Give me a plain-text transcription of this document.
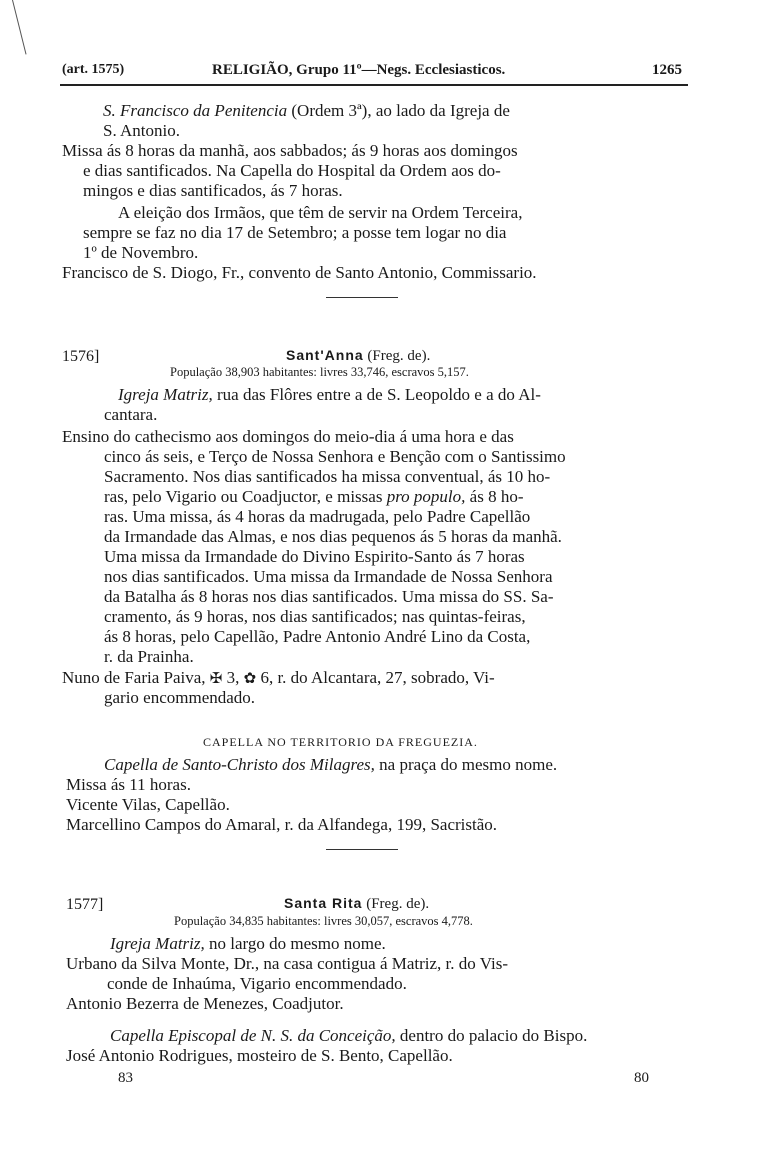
(art. 1575)	RELIGIÃO, Grupo 11º—Negs. Ecclesiasticos.	1265
S. Francisco da Penitencia (Ordem 3ª), ao lado da Igreja de
S. Antonio.
Missa ás 8 horas da manhã, aos sabbados; ás 9 horas aos domingos
e dias santificados. Na Capella do Hospital da Ordem aos do-
mingos e dias santificados, ás 7 horas.
A eleição dos Irmãos, que têm de servir na Ordem Terceira,
sempre se faz no dia 17 de Setembro; a posse tem logar no dia
1º de Novembro.
Francisco de S. Diogo, Fr., convento de Santo Antonio, Commissario.
1576]	Sant'Anna (Freg. de).
População 38,903 habitantes: livres 33,746, escravos 5,157.
Igreja Matriz, rua das Flôres entre a de S. Leopoldo e a do Al-
cantara.
Ensino do cathecismo aos domingos do meio-dia á uma hora e das
cinco ás seis, e Terço de Nossa Senhora e Benção com o Santissimo
Sacramento. Nos dias santificados ha missa conventual, ás 10 ho-
ras, pelo Vigario ou Coadjuctor, e missas pro populo, ás 8 ho-
ras. Uma missa, ás 4 horas da madrugada, pelo Padre Capellão
da Irmandade das Almas, e nos dias pequenos ás 5 horas da manhã.
Uma missa da Irmandade do Divino Espirito-Santo ás 7 horas
nos dias santificados. Uma missa da Irmandade de Nossa Senhora
da Batalha ás 8 horas nos dias santificados. Uma missa do SS. Sa-
cramento, ás 9 horas, nos dias santificados; nas quintas-feiras,
ás 8 horas, pelo Capellão, Padre Antonio André Lino da Costa,
r. da Prainha.
Nuno de Faria Paiva, ✠ 3, ✿ 6, r. do Alcantara, 27, sobrado, Vi-
gario encommendado.
CAPELLA NO TERRITORIO DA FREGUEZIA.
Capella de Santo-Christo dos Milagres, na praça do mesmo nome.
Missa ás 11 horas.
Vicente Vilas, Capellão.
Marcellino Campos do Amaral, r. da Alfandega, 199, Sacristão.
1577]	Santa Rita (Freg. de).
População 34,835 habitantes: livres 30,057, escravos 4,778.
Igreja Matriz, no largo do mesmo nome.
Urbano da Silva Monte, Dr., na casa contigua á Matriz, r. do Vis-
conde de Inhaúma, Vigario encommendado.
Antonio Bezerra de Menezes, Coadjutor.
Capella Episcopal de N. S. da Conceição, dentro do palacio do Bispo.
José Antonio Rodrigues, mosteiro de S. Bento, Capellão.
83	80
